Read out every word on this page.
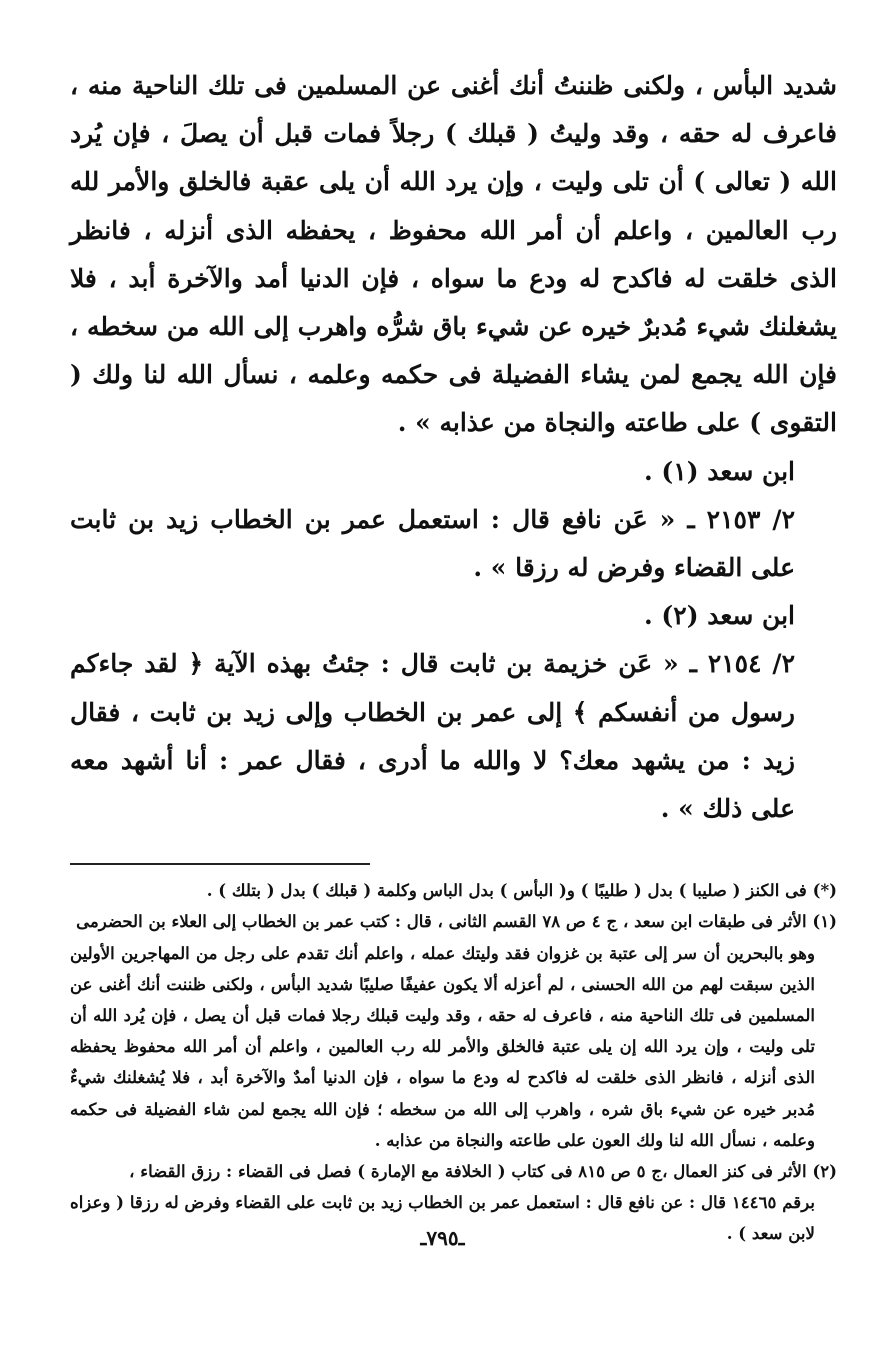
شديد البأس ، ولكنى ظننتُ أنك أغنى عن المسلمين فى تلك الناحية منه ، فاعرف له حقه ، وقد وليتُ ( قبلك ) رجلاً فمات قبل أن يصلَ ، فإن يُرد الله ( تعالى ) أن تلى وليت ، وإن يرد الله أن يلى عقبة فالخلق والأمر لله رب العالمين ، واعلم أن أمر الله محفوظ ، يحفظه الذى أنزله ، فانظر الذى خلقت له فاكدح له ودع ما سواه ، فإن الدنيا أمد والآخرة أبد ، فلا يشغلنك شيء مُدبرٌ خيره عن شيء باق شرُّه واهرب إلى الله من سخطه ، فإن الله يجمع لمن يشاء الفضيلة فى حكمه وعلمه ، نسأل الله لنا ولك ( التقوى ) على طاعته والنجاة من عذابه » .

ابن سعد (١) .

٢/ ٢١٥٣ ـ « عَن نافع قال : استعمل عمر بن الخطاب زيد بن ثابت على القضاء وفرض له رزقا » .

ابن سعد (٢) .

٢/ ٢١٥٤ ـ « عَن خزيمة بن ثابت قال : جئتُ بهذه الآية ﴿ لقد جاءكم رسول من أنفسكم ﴾ إلى عمر بن الخطاب وإلى زيد بن ثابت ، فقال زيد : من يشهد معك؟ لا والله ما أدرى ، فقال عمر : أنا أشهد معه على ذلك » .

(*) فى الكنز ( صليبا ) بدل ( طليبًا ) و( البأس ) بدل الباس وكلمة ( قبلك ) بدل ( بتلك ) .

(١) الأثر فى طبقات ابن سعد ، ج ٤ ص ٧٨ القسم الثانى ، قال : كتب عمر بن الخطاب إلى العلاء بن الحضرمى

وهو بالبحرين أن سر إلى عتبة بن غزوان فقد وليتك عمله ، واعلم أنك تقدم على رجل من المهاجرين الأولين الذين سبقت لهم من الله الحسنى ، لم أعزله ألا يكون عفيفًا صليبًا شديد البأس ، ولكنى ظننت أنك أغنى عن المسلمين فى تلك الناحية منه ، فاعرف له حقه ، وقد وليت قبلك رجلا فمات قبل أن يصل ، فإن يُرد الله أن تلى وليت ، وإن يرد الله إن يلى عتبة فالخلق والأمر لله رب العالمين ، واعلم أن أمر الله محفوظ يحفظه الذى أنزله ، فانظر الذى خلقت له فاكدح له ودع ما سواه ، فإن الدنيا أمدٌ والآخرة أبد ، فلا يُشغلنك شيءٌ مُدبر خيره عن شيء باق شره ، واهرب إلى الله من سخطه ؛ فإن الله يجمع لمن شاء الفضيلة فى حكمه وعلمه ، نسأل الله لنا ولك العون على طاعته والنجاة من عذابه .

(٢) الأثر فى كنز العمال ،ج ٥ ص ٨١٥ فى كتاب ( الخلافة مع الإمارة ) فصل فى القضاء : رزق القضاء ،

برقم ١٤٤٦٥ قال : عن نافع قال : استعمل عمر بن الخطاب زيد بن ثابت على القضاء وفرض له رزقا ( وعزاه لابن سعد ) .

ـ٧٩٥ـ
